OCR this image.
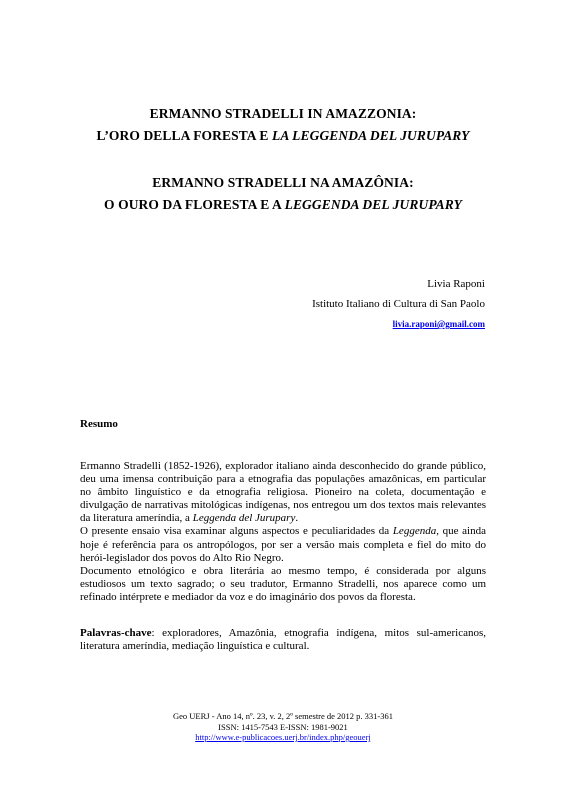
ERMANNO STRADELLI IN AMAZZONIA:
L’ORO DELLA FORESTA E LA LEGGENDA DEL JURUPARY
ERMANNO STRADELLI NA AMAZÔNIA:
O OURO DA FLORESTA E A LEGGENDA DEL JURUPARY
Livia Raponi
Istituto Italiano di Cultura di San Paolo
livia.raponi@gmail.com
Resumo

Ermanno Stradelli (1852-1926), explorador italiano ainda desconhecido do grande público, deu uma imensa contribuição para a etnografia das populações amazônicas, em particular no âmbito linguístico e da etnografia religiosa. Pioneiro na coleta, documentação e divulgação de narrativas mitológicas indígenas, nos entregou um dos textos mais relevantes da literatura ameríndia, a Leggenda del Jurupary.

O presente ensaio visa examinar alguns aspectos e peculiaridades da Leggenda, que ainda hoje é referência para os antropólogos, por ser a versão mais completa e fiel do mito do herói-legislador dos povos do Alto Rio Negro.

Documento etnológico e obra literária ao mesmo tempo, é considerada por alguns estudiosos um texto sagrado; o seu tradutor, Ermanno Stradelli, nos aparece como um refinado intérprete e mediador da voz e do imaginário dos povos da floresta.

Palavras-chave: exploradores, Amazônia, etnografia indígena, mitos sul-americanos, literatura ameríndia, mediação linguística e cultural.
Geo UERJ - Ano 14, nº. 23, v. 2, 2º semestre de 2012 p. 331-361
ISSN: 1415-7543 E-ISSN: 1981-9021
http://www.e-publicacoes.uerj.br/index.php/geouerj
